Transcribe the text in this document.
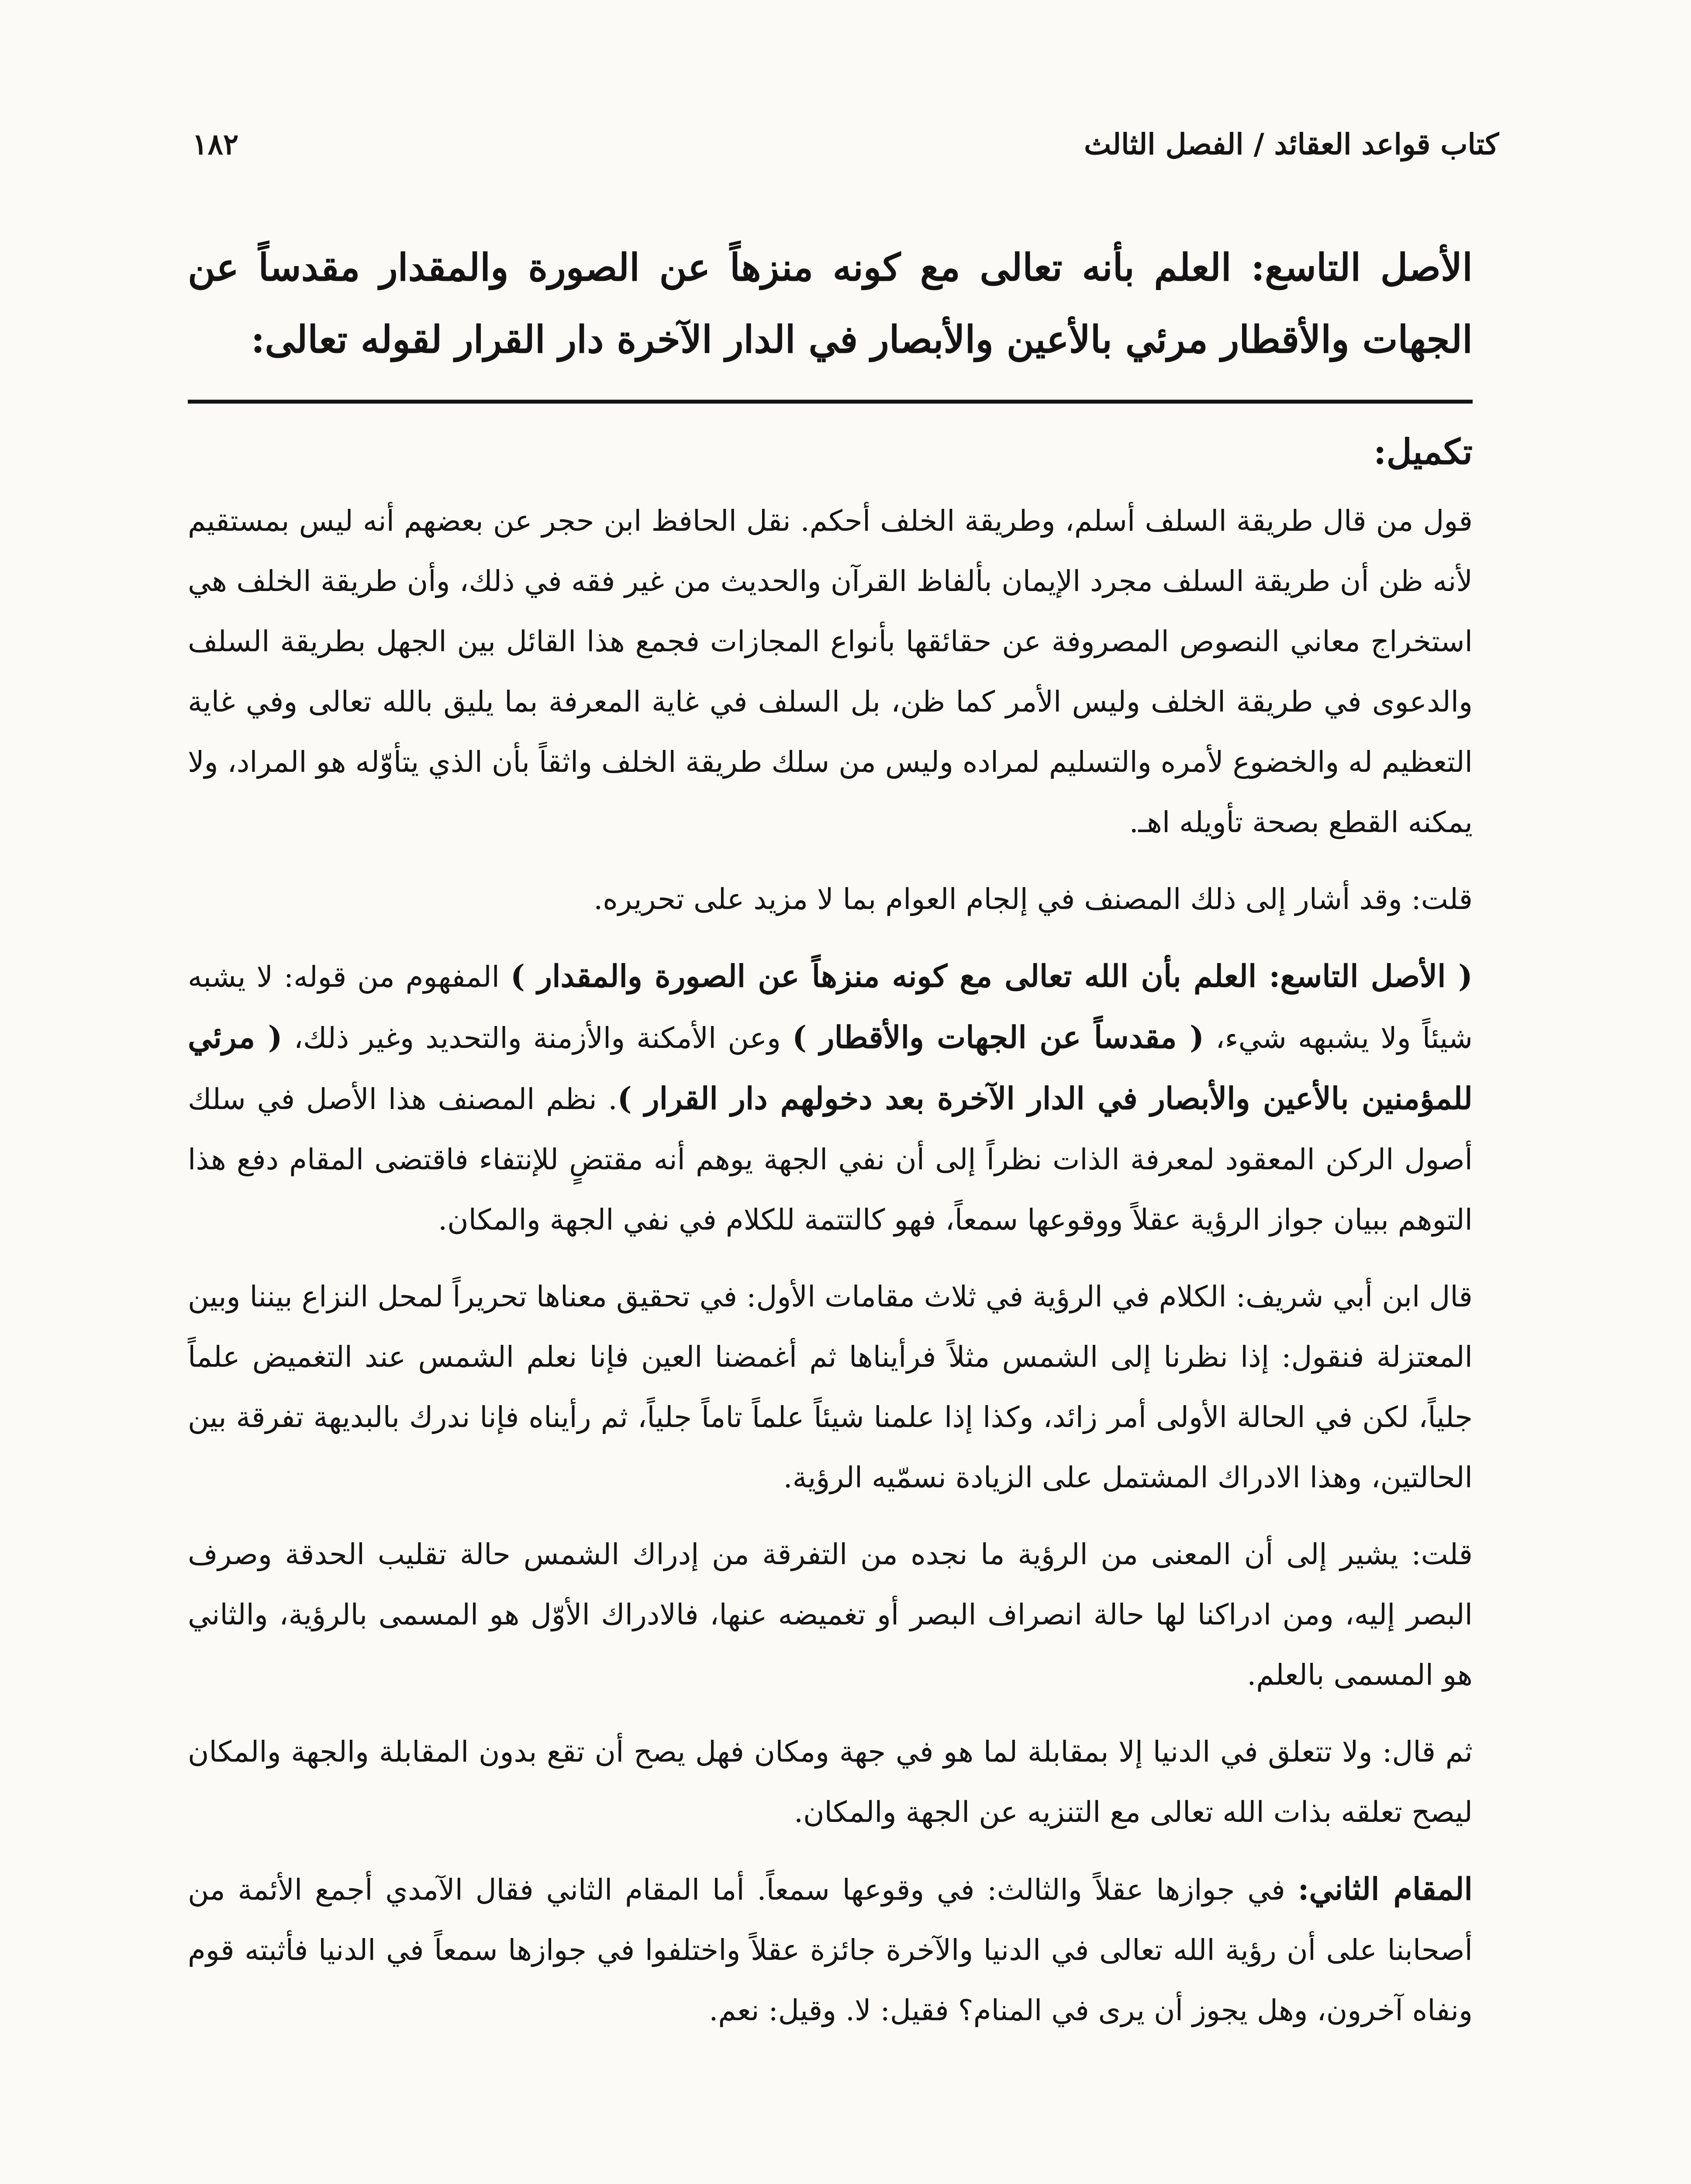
كتاب قواعد العقائد / الفصل الثالث
١٨٢

الأصل التاسع: العلم بأنه تعالى مع كونه منزهاً عن الصورة والمقدار مقدساً عن الجهات والأقطار مرئي بالأعين والأبصار في الدار الآخرة دار القرار لقوله تعالى:

تكميل:

قول من قال طريقة السلف أسلم، وطريقة الخلف أحكم. نقل الحافظ ابن حجر عن بعضهم أنه ليس بمستقيم لأنه ظن أن طريقة السلف مجرد الإيمان بألفاظ القرآن والحديث من غير فقه في ذلك، وأن طريقة الخلف هي استخراج معاني النصوص المصروفة عن حقائقها بأنواع المجازات فجمع هذا القائل بين الجهل بطريقة السلف والدعوى في طريقة الخلف وليس الأمر كما ظن، بل السلف في غاية المعرفة بما يليق بالله تعالى وفي غاية التعظيم له والخضوع لأمره والتسليم لمراده وليس من سلك طريقة الخلف واثقاً بأن الذي يتأوّله هو المراد، ولا يمكنه القطع بصحة تأويله اهـ.

قلت: وقد أشار إلى ذلك المصنف في إلجام العوام بما لا مزيد على تحريره.

( الأصل التاسع: العلم بأن الله تعالى مع كونه منزهاً عن الصورة والمقدار ) المفهوم من قوله: لا يشبه شيئاً ولا يشبهه شيء، ( مقدساً عن الجهات والأقطار ) وعن الأمكنة والأزمنة والتحديد وغير ذلك، ( مرئي للمؤمنين بالأعين والأبصار في الدار الآخرة بعد دخولهم دار القرار ). نظم المصنف هذا الأصل في سلك أصول الركن المعقود لمعرفة الذات نظراً إلى أن نفي الجهة يوهم أنه مقتضٍ للإنتفاء فاقتضى المقام دفع هذا التوهم ببيان جواز الرؤية عقلاً ووقوعها سمعاً، فهو كالتتمة للكلام في نفي الجهة والمكان.

قال ابن أبي شريف: الكلام في الرؤية في ثلاث مقامات الأول: في تحقيق معناها تحريراً لمحل النزاع بيننا وبين المعتزلة فنقول: إذا نظرنا إلى الشمس مثلاً فرأيناها ثم أغمضنا العين فإنا نعلم الشمس عند التغميض علماً جلياً، لكن في الحالة الأولى أمر زائد، وكذا إذا علمنا شيئاً علماً تاماً جلياً، ثم رأيناه فإنا ندرك بالبديهة تفرقة بين الحالتين، وهذا الادراك المشتمل على الزيادة نسمّيه الرؤية.

قلت: يشير إلى أن المعنى من الرؤية ما نجده من التفرقة من إدراك الشمس حالة تقليب الحدقة وصرف البصر إليه، ومن ادراكنا لها حالة انصراف البصر أو تغميضه عنها، فالادراك الأوّل هو المسمى بالرؤية، والثاني هو المسمى بالعلم.

ثم قال: ولا تتعلق في الدنيا إلا بمقابلة لما هو في جهة ومكان فهل يصح أن تقع بدون المقابلة والجهة والمكان ليصح تعلقه بذات الله تعالى مع التنزيه عن الجهة والمكان.

المقام الثاني: في جوازها عقلاً والثالث: في وقوعها سمعاً. أما المقام الثاني فقال الآمدي أجمع الأئمة من أصحابنا على أن رؤية الله تعالى في الدنيا والآخرة جائزة عقلاً واختلفوا في جوازها سمعاً في الدنيا فأثبته قوم ونفاه آخرون، وهل يجوز أن يرى في المنام؟ فقيل: لا. وقيل: نعم.
